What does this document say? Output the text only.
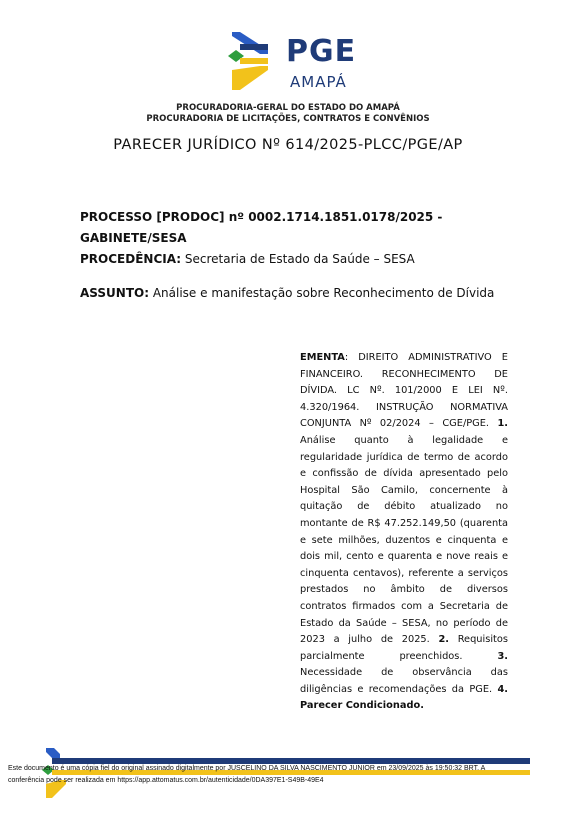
PGE
AMAPÁ
PROCURADORIA-GERAL DO ESTADO DO AMAPÁ
PROCURADORIA DE LICITAÇÕES, CONTRATOS E CONVÊNIOS
PARECER JURÍDICO Nº 614/2025-PLCC/PGE/AP
PROCESSO [PRODOC] nº 0002.1714.1851.0178/2025 -
GABINETE/SESA
PROCEDÊNCIA: Secretaria de Estado da Saúde – SESA
ASSUNTO: Análise e manifestação sobre Reconhecimento de Dívida
EMENTA: DIREITO ADMINISTRATIVO E FINANCEIRO. RECONHECIMENTO DE DÍVIDA. LC Nº. 101/2000 E LEI Nº. 4.320/1964. INSTRUÇÃO NORMATIVA CONJUNTA Nº 02/2024 – CGE/PGE. 1. Análise quanto à legalidade e regularidade jurídica de termo de acordo e confissão de dívida apresentado pelo Hospital São Camilo, concernente à quitação de débito atualizado no montante de R$ 47.252.149,50 (quarenta e sete milhões, duzentos e cinquenta e dois mil, cento e quarenta e nove reais e cinquenta centavos), referente a serviços prestados no âmbito de diversos contratos firmados com a Secretaria de Estado da Saúde – SESA, no período de 2023 a julho de 2025. 2. Requisitos parcialmente preenchidos. 3. Necessidade de observância das diligências e recomendações da PGE. 4. Parecer Condicionado.
Este documento é uma cópia fiel do original assinado digitalmente por JUSCELINO DA SILVA NASCIMENTO JUNIOR em 23/09/2025 às 19:50:32 BRT. A
conferência pode ser realizada em https://app.attomatus.com.br/autenticidade/0DA397E1-S49B-49E4
